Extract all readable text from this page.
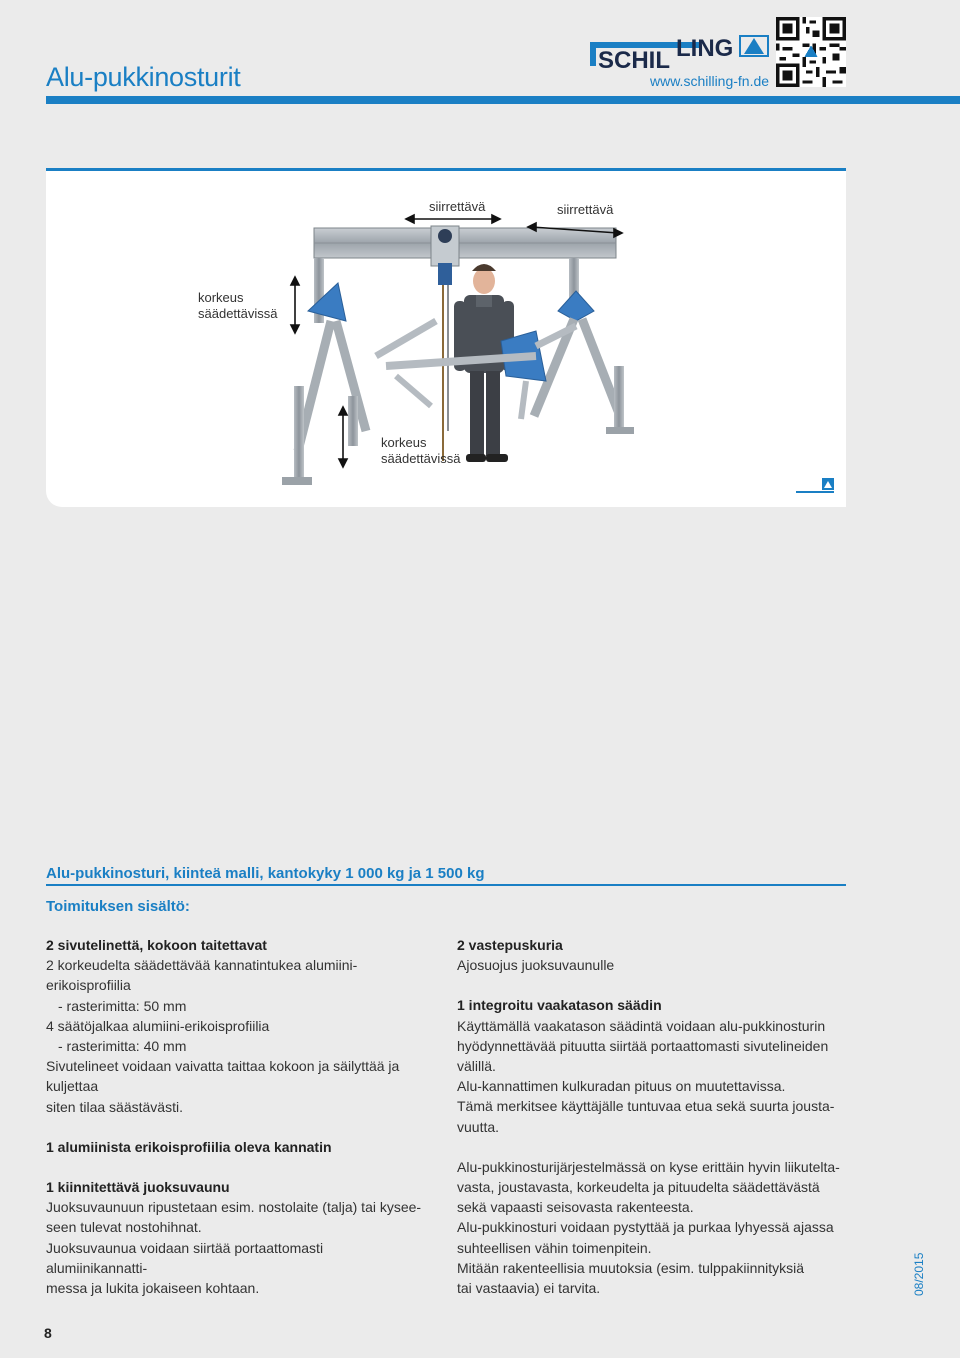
Alu-pukkinosturit
SCHIL LING
www.schilling-fn.de
siirrettävä	siirrettävä
korkeus
säädettävissä
korkeus
säädettävissä
Alu-pukkinosturi, kiinteä malli, kantokyky 1 000 kg ja 1 500 kg
Toimituksen sisältö:

2 sivutelinettä, kokoon taitettavat

2 korkeudelta säädettävää kannatintukea alumiini-

erikoisprofiilia

- rasterimitta: 50 mm

4 säätöjalkaa alumiini-erikoisprofiilia

- rasterimitta: 40 mm

Sivutelineet voidaan vaivatta taittaa kokoon ja säilyttää ja

kuljettaa

siten tilaa säästävästi.

1 alumiinista erikoisprofiilia oleva kannatin

1 kiinnitettävä juoksuvaunu

Juoksuvaunuun ripustetaan esim. nostolaite (talja) tai kysee-

seen tulevat nostohihnat.

Juoksuvaunua voidaan siirtää portaattomasti alumiinikannatti-

messa ja lukita jokaiseen kohtaan.

2 vastepuskuria

Ajosuojus juoksuvaunulle

1 integroitu vaakatason säädin

Käyttämällä vaakatason säädintä voidaan alu-pukkinosturin

hyödynnettävää pituutta siirtää portaattomasti sivutelineiden

välillä.

Alu-kannattimen kulkuradan pituus on muutettavissa.

Tämä merkitsee käyttäjälle tuntuvaa etua sekä suurta jousta-

vuutta.

Alu-pukkinosturijärjestelmässä on kyse erittäin hyvin liikutelta-

vasta, joustavasta, korkeudelta ja pituudelta säädettävästä

sekä vapaasti seisovasta rakenteesta.

Alu-pukkinosturi voidaan pystyttää ja purkaa lyhyessä ajassa

suhteellisen vähin toimenpitein.

Mitään rakenteellisia muutoksia (esim. tulppakiinnityksiä

tai vastaavia) ei tarvita.

8
08/2015
